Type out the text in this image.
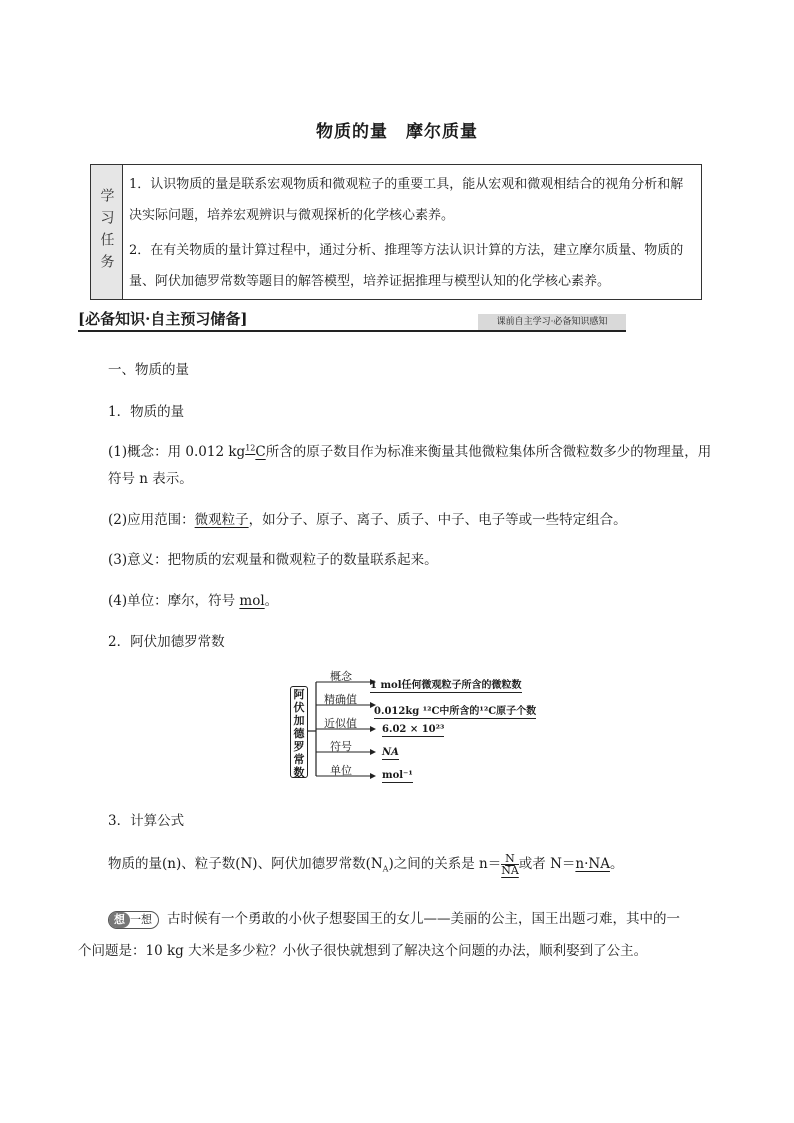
物质的量　摩尔质量
学习任务

1．认识物质的量是联系宏观物质和微观粒子的重要工具，能从宏观和微观相结合的视角分析和解决实际问题，培养宏观辨识与微观探析的化学核心素养。

2．在有关物质的量计算过程中，通过分析、推理等方法认识计算的方法，建立摩尔质量、物质的量、阿伏加德罗常数等题目的解答模型，培养证据推理与模型认知的化学核心素养。

[必备知识·自主预习储备]	课前自主学习·必备知识感知
一、物质的量
1．物质的量
(1)概念：用 0.012 $kg^{12}C$所含的原子数目作为标准来衡量其他微粒集体所含微粒数多少的物理量，用
符号 n 表示。
(2)应用范围：微观粒子，如分子、原子、离子、质子、中子、电子等或一些特定组合。
(3)意义：把物质的宏观量和微观粒子的数量联系起来。
(4)单位：摩尔，符号 mol。
2．阿伏加德罗常数
阿伏加德罗常数
概念
1 mol任何微观粒子所含的微粒数
精确值
0.012kg ¹²C中所含的¹²C原子个数
近似值	6.02 × 10²³
符号	NA
单位	mol⁻¹
3．计算公式
物质的量(n)、粒子数(N)、阿伏加德罗常数$(N_A)$之间的关系是 $n= \frac{N}{NA}$ 或者 N＝n·NA。
想 一想 古时候有一个勇敢的小伙子想娶国王的女儿——美丽的公主，国王出题刁难，其中的一
个问题是：10 kg 大米是多少粒？小伙子很快就想到了解决这个问题的办法，顺利娶到了公主。
